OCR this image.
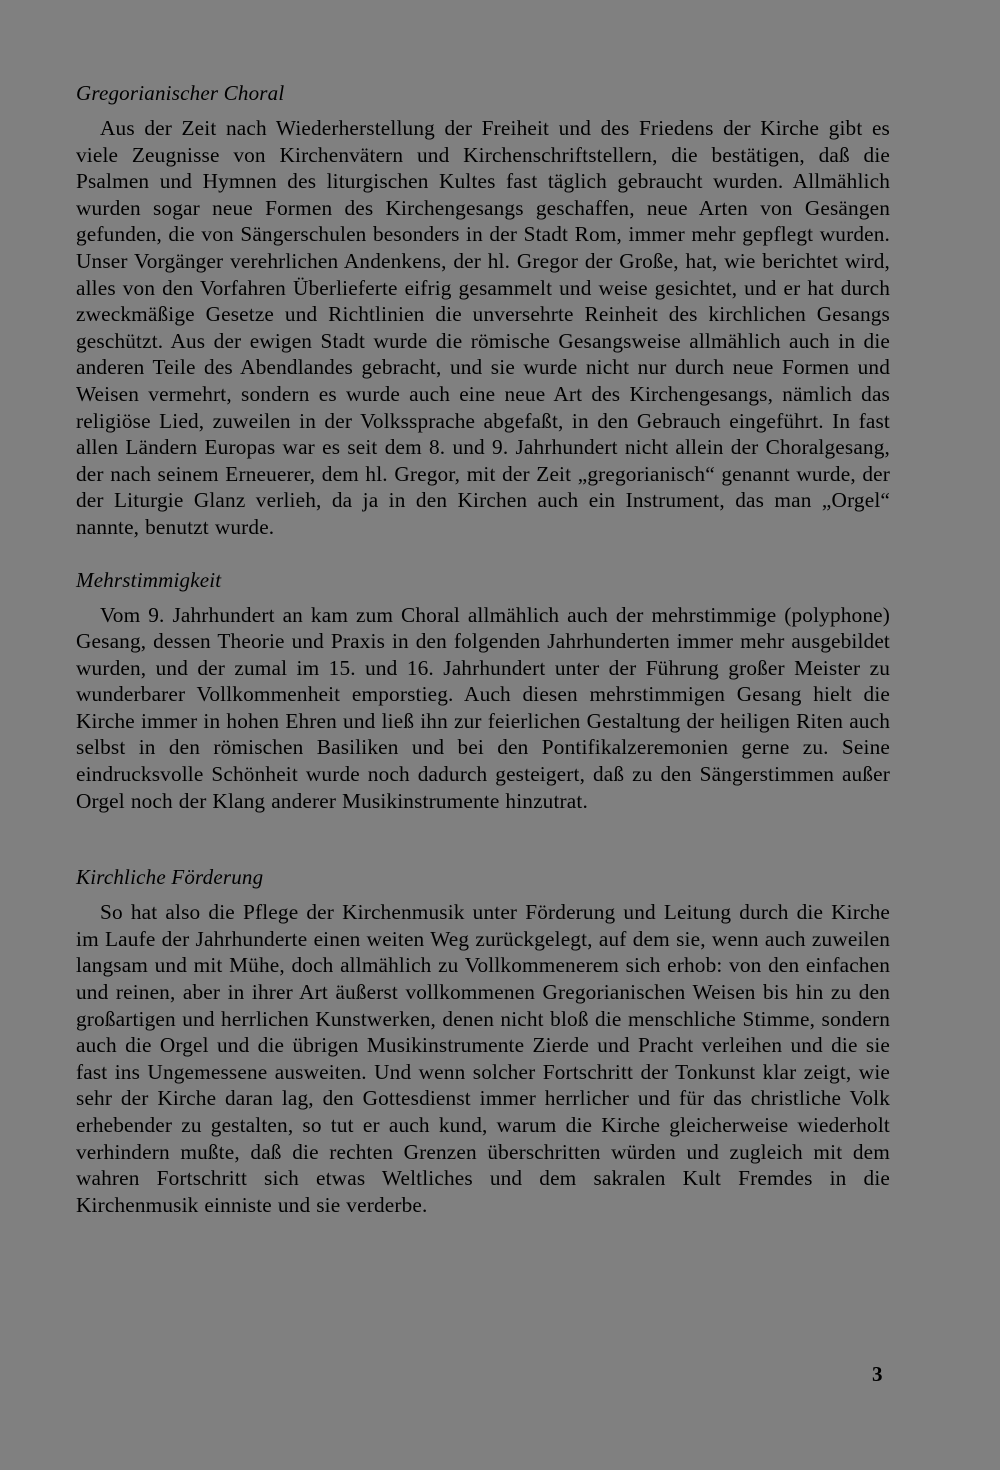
Gregorianischer Choral

Aus der Zeit nach Wiederherstellung der Freiheit und des Friedens der Kirche gibt es viele Zeugnisse von Kirchenvätern und Kirchenschriftstellern, die bestätigen, daß die Psalmen und Hymnen des liturgischen Kultes fast täglich gebraucht wurden. Allmählich wurden sogar neue Formen des Kirchengesangs geschaffen, neue Arten von Gesängen gefunden, die von Sängerschulen besonders in der Stadt Rom, immer mehr gepflegt wurden. Unser Vorgänger verehrlichen Andenkens, der hl. Gregor der Große, hat, wie berichtet wird, alles von den Vorfahren Überlieferte eifrig gesammelt und weise gesichtet, und er hat durch zweckmäßige Gesetze und Richtlinien die unversehrte Reinheit des kirchlichen Gesangs geschützt. Aus der ewigen Stadt wurde die römische Gesangsweise allmählich auch in die anderen Teile des Abendlandes gebracht, und sie wurde nicht nur durch neue Formen und Weisen vermehrt, sondern es wurde auch eine neue Art des Kirchengesangs, nämlich das religiöse Lied, zuweilen in der Volkssprache abgefaßt, in den Gebrauch eingeführt. In fast allen Ländern Europas war es seit dem 8. und 9. Jahrhundert nicht allein der Choralgesang, der nach seinem Erneuerer, dem hl. Gregor, mit der Zeit „gregorianisch“ genannt wurde, der der Liturgie Glanz verlieh, da ja in den Kirchen auch ein Instrument, das man „Orgel“ nannte, benutzt wurde.

Mehrstimmigkeit

Vom 9. Jahrhundert an kam zum Choral allmählich auch der mehrstimmige (polyphone) Gesang, dessen Theorie und Praxis in den folgenden Jahrhunderten immer mehr ausgebildet wurden, und der zumal im 15. und 16. Jahrhundert unter der Führung großer Meister zu wunderbarer Vollkommenheit emporstieg. Auch diesen mehrstimmigen Gesang hielt die Kirche immer in hohen Ehren und ließ ihn zur feierlichen Gestaltung der heiligen Riten auch selbst in den römischen Basiliken und bei den Pontifikalzeremonien gerne zu. Seine eindrucksvolle Schönheit wurde noch dadurch gesteigert, daß zu den Sängerstimmen außer Orgel noch der Klang anderer Musikinstrumente hinzutrat.

Kirchliche Förderung

So hat also die Pflege der Kirchenmusik unter Förderung und Leitung durch die Kirche im Laufe der Jahrhunderte einen weiten Weg zurückgelegt, auf dem sie, wenn auch zuweilen langsam und mit Mühe, doch allmählich zu Vollkommenerem sich erhob: von den einfachen und reinen, aber in ihrer Art äußerst vollkommenen Gregorianischen Weisen bis hin zu den großartigen und herrlichen Kunstwerken, denen nicht bloß die menschliche Stimme, sondern auch die Orgel und die übrigen Musikinstrumente Zierde und Pracht verleihen und die sie fast ins Ungemessene ausweiten. Und wenn solcher Fortschritt der Tonkunst klar zeigt, wie sehr der Kirche daran lag, den Gottesdienst immer herrlicher und für das christliche Volk erhebender zu gestalten, so tut er auch kund, warum die Kirche gleicherweise wiederholt verhindern mußte, daß die rechten Grenzen überschritten würden und zugleich mit dem wahren Fortschritt sich etwas Weltliches und dem sakralen Kult Fremdes in die Kirchenmusik einniste und sie verderbe.

3
